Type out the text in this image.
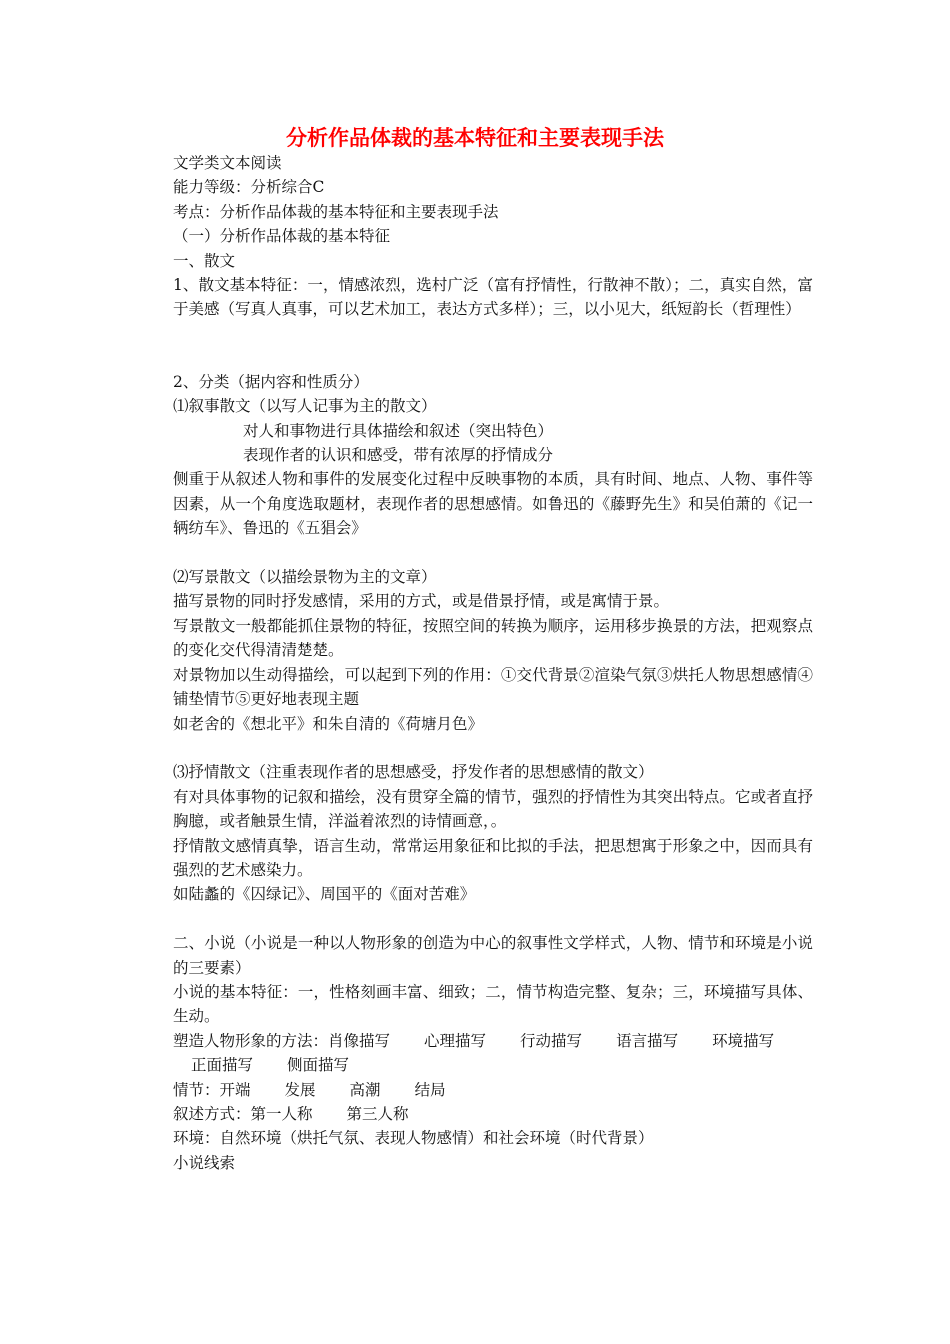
分析作品体裁的基本特征和主要表现手法
文学类文本阅读
能力等级：分析综合C
考点：分析作品体裁的基本特征和主要表现手法
（一）分析作品体裁的基本特征
一、散文
1、散文基本特征：一，情感浓烈，选村广泛（富有抒情性，行散神不散）；二，真实自然，富于美感（写真人真事，可以艺术加工，表达方式多样）；三，以小见大，纸短韵长（哲理性）
2、分类（据内容和性质分）
⑴叙事散文（以写人记事为主的散文）
对人和事物进行具体描绘和叙述（突出特色）
表现作者的认识和感受，带有浓厚的抒情成分
侧重于从叙述人物和事件的发展变化过程中反映事物的本质，具有时间、地点、人物、事件等因素，从一个角度选取题材，表现作者的思想感情。如鲁迅的《藤野先生》和吴伯萧的《记一辆纺车》、鲁迅的《五猖会》
⑵写景散文（以描绘景物为主的文章）
描写景物的同时抒发感情，采用的方式，或是借景抒情，或是寓情于景。
写景散文一般都能抓住景物的特征，按照空间的转换为顺序，运用移步换景的方法，把观察点的变化交代得清清楚楚。
对景物加以生动得描绘，可以起到下列的作用：①交代背景②渲染气氛③烘托人物思想感情④铺垫情节⑤更好地表现主题
如老舍的《想北平》和朱自清的《荷塘月色》
⑶抒情散文（注重表现作者的思想感受，抒发作者的思想感情的散文）
有对具体事物的记叙和描绘，没有贯穿全篇的情节，强烈的抒情性为其突出特点。它或者直抒胸臆，或者触景生情，洋溢着浓烈的诗情画意，。
抒情散文感情真挚，语言生动，常常运用象征和比拟的手法，把思想寓于形象之中，因而具有强烈的艺术感染力。
如陆蠡的《囚绿记》、周国平的《面对苦难》
二、小说（小说是一种以人物形象的创造为中心的叙事性文学样式，人物、情节和环境是小说的三要素）
小说的基本特征：一，性格刻画丰富、细致；二，情节构造完整、复杂；三，环境描写具体、生动。
塑造人物形象的方法：肖像描写 心理描写 行动描写 语言描写 环境描写
正面描写 侧面描写
情节：开端 发展 高潮 结局
叙述方式：第一人称 第三人称
环境：自然环境（烘托气氛、表现人物感情）和社会环境（时代背景）
小说线索
